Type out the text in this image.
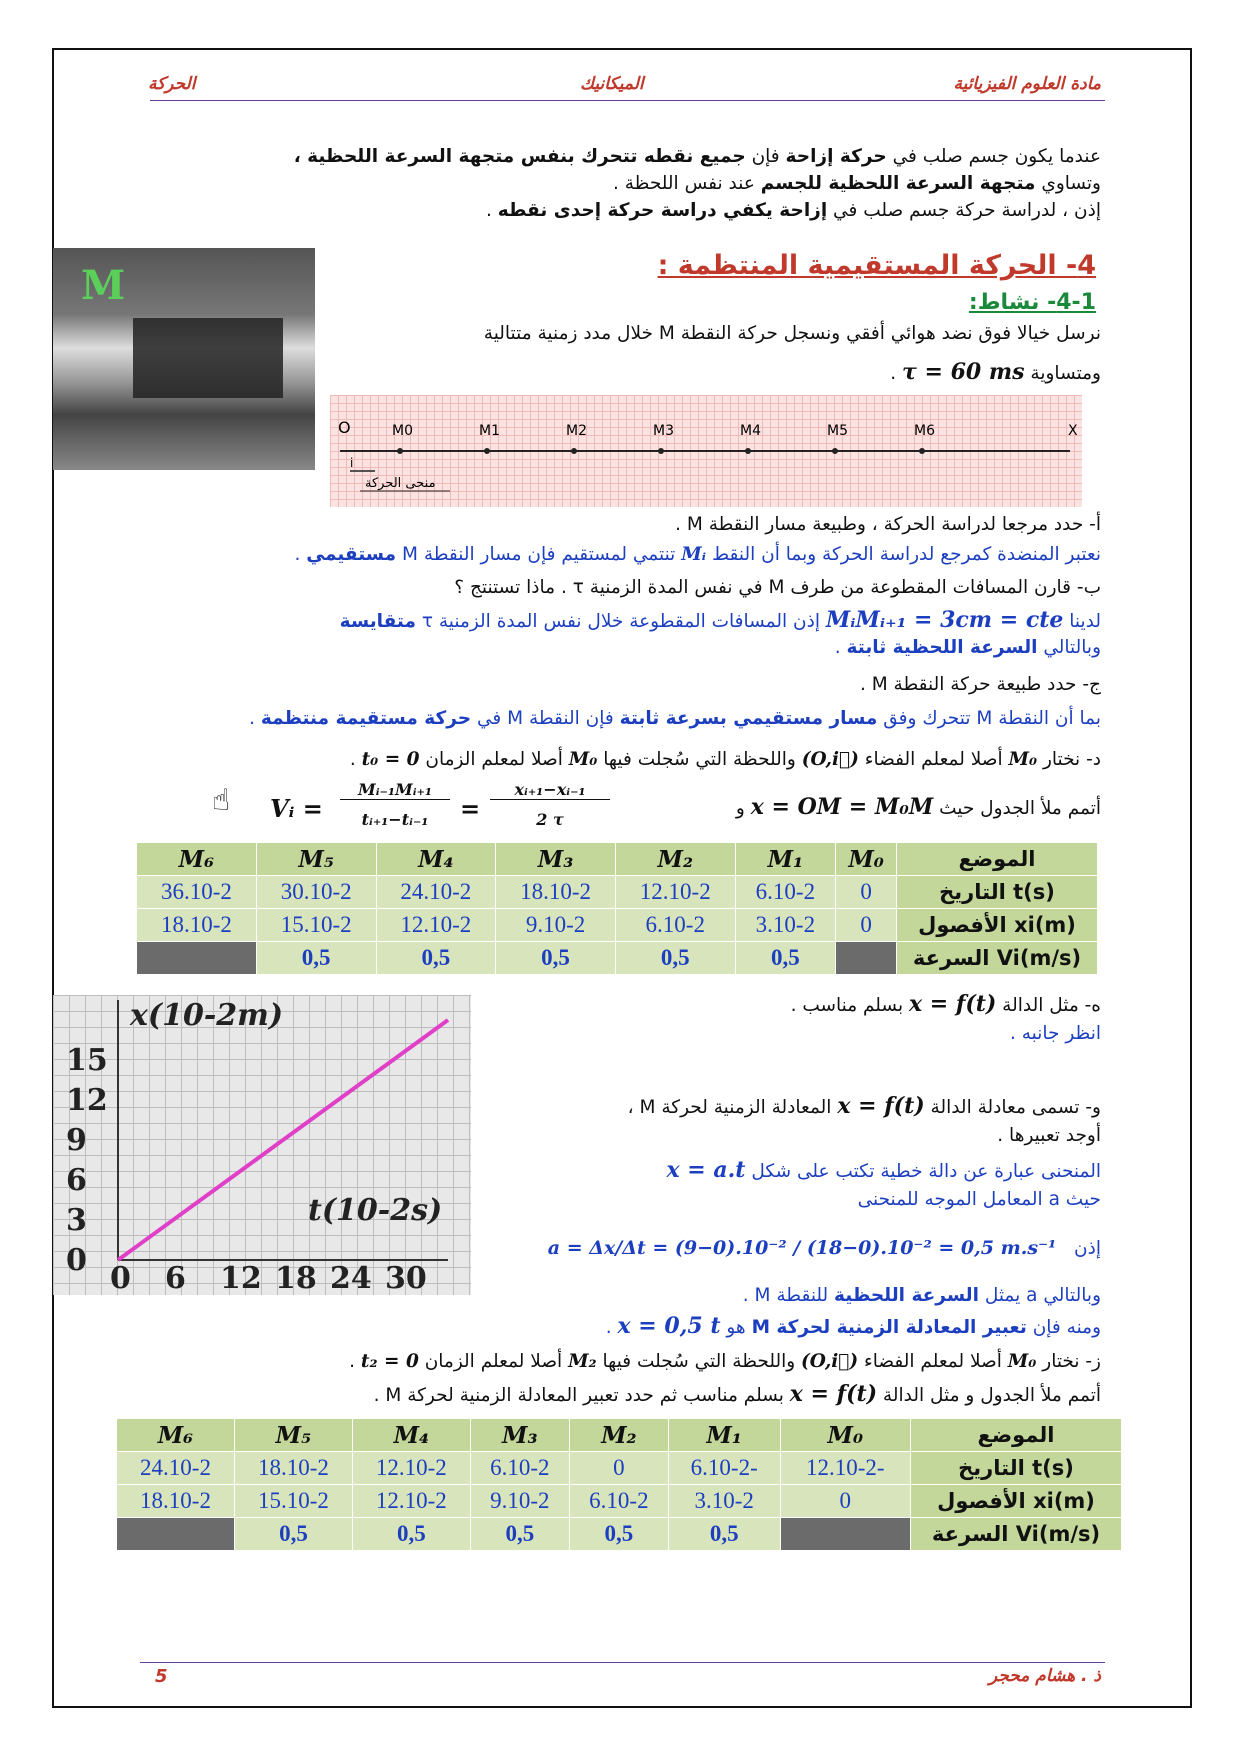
الحركة	الميكانيك	مادة العلوم الفيزيائية
عندما يكون جسم صلب في حركة إزاحة فإن جميع نقطه تتحرك بنفس متجهة السرعة اللحظية ،
وتساوي متجهة السرعة اللحظية للجسم عند نفس اللحظة .
إذن ، لدراسة حركة جسم صلب في إزاحة يكفي دراسة حركة إحدى نقطه .
4- الحركة المستقيمية المنتظمة :
4-1- نشاط:
M
نرسل خيالا فوق نضد هوائي أفقي ونسجل حركة النقطة M خلال مدد زمنية متتالية
ومتساوية τ = 60 ms .
M0	M1	M2	M3	M4	M5	M6
O	X
i
منحى الحركة
أ- حدد مرجعا لدراسة الحركة ، وطبيعة مسار النقطة M .
نعتبر المنضدة كمرجع لدراسة الحركة وبما أن النقط Mᵢ تنتمي لمستقيم فإن مسار النقطة M مستقيمي .
ب- قارن المسافات المقطوعة من طرف M في نفس المدة الزمنية τ . ماذا تستنتج ؟
لدينا MᵢMᵢ₊₁ = 3cm = cte إذن المسافات المقطوعة خلال نفس المدة الزمنية τ متقايسة
وبالتالي السرعة اللحظية ثابتة .
ج- حدد طبيعة حركة النقطة M .
بما أن النقطة M تتحرك وفق مسار مستقيمي بسرعة ثابتة فإن النقطة M في حركة مستقيمة منتظمة .
د- نختار M₀ أصلا لمعلم الفضاء (O,i⃗) واللحظة التي سُجلت فيها M₀ أصلا لمعلم الزمان t₀ = 0 .
أتمم ملأ الجدول حيث x = OM = M₀M و
Vᵢ =
Mᵢ₋₁Mᵢ₊₁
tᵢ₊₁−tᵢ₋₁	=
xᵢ₊₁−xᵢ₋₁
2 τ
☝
الموضع	M₀	M₁	M₂	M₃	M₄	M₅	M₆
t(s) التاريخ	0	6.10-2	12.10-2	18.10-2	24.10-2	30.10-2	36.10-2
xi(m) الأفصول	0	3.10-2	6.10-2	9.10-2	12.10-2	15.10-2	18.10-2
Vi(m/s) السرعة		0,5	0,5	0,5	0,5	0,5	
0 6 12 18 24 30
0
3
6
9
12
15
x(10-2m)
t(10-2s)
ه- مثل الدالة x = f(t) بسلم مناسب .
انظر جانبه .
و- تسمى معادلة الدالة x = f(t) المعادلة الزمنية لحركة M ،
أوجد تعبيرها .
المنحنى عبارة عن دالة خطية تكتب على شكل x = a.t
حيث a المعامل الموجه للمنحنى
إذن   a = Δx/Δt = (9−0).10⁻² / (18−0).10⁻² = 0,5 m.s⁻¹
وبالتالي a يمثل السرعة اللحظية للنقطة M .
ومنه فإن تعبير المعادلة الزمنية لحركة M هو x = 0,5 t .
ز- نختار M₀ أصلا لمعلم الفضاء (O,i⃗) واللحظة التي سُجلت فيها M₂ أصلا لمعلم الزمان t₂ = 0 .
أتمم ملأ الجدول و مثل الدالة x = f(t) بسلم مناسب ثم حدد تعبير المعادلة الزمنية لحركة M .
الموضع	M₀	M₁	M₂	M₃	M₄	M₅	M₆
t(s) التاريخ	-12.10-2	-6.10-2	0	6.10-2	12.10-2	18.10-2	24.10-2
xi(m) الأفصول	0	3.10-2	6.10-2	9.10-2	12.10-2	15.10-2	18.10-2
Vi(m/s) السرعة		0,5	0,5	0,5	0,5	0,5	
5	ذ . هشام محجر
